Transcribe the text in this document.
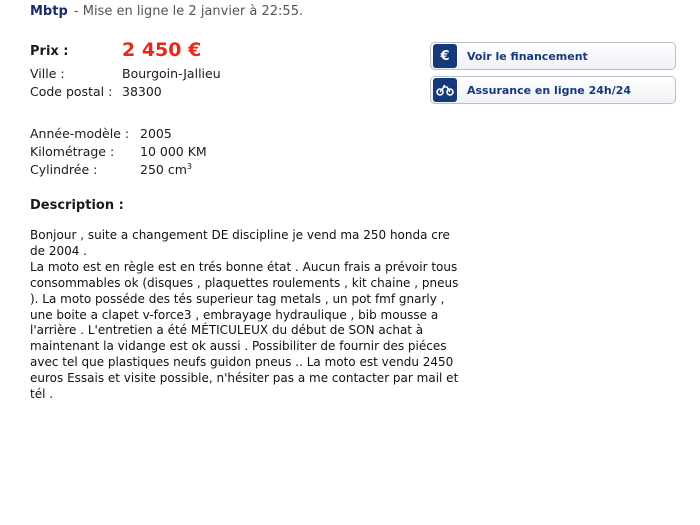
Mbtp - Mise en ligne le 2 janvier à 22:55.
Prix :	2 450 €
Ville :	Bourgoin-Jallieu
Code postal : 38300
Année-modèle : 2005
Kilométrage : 10 000 KM
Cylindrée :	250 $cm^3$
€	Voir le financement
Assurance en ligne 24h/24
Description :
Bonjour , suite a changement DE discipline je vend ma 250 honda cre de 2004 .
La moto est en règle est en trés bonne état . Aucun frais a prévoir tous consommables ok (disques , plaquettes roulements , kit chaine , pneus ). La moto posséde des tés superieur tag metals , un pot fmf gnarly , une boite a clapet v-force3 , embrayage hydraulique , bib mousse a l'arrière . L'entretien a été MÉTICULEUX du début de SON achat à maintenant la vidange est ok aussi . Possibiliter de fournir des piéces avec tel que plastiques neufs guidon pneus .. La moto est vendu 2450 euros Essais et visite possible, n'hésiter pas a me contacter par mail et tél .
